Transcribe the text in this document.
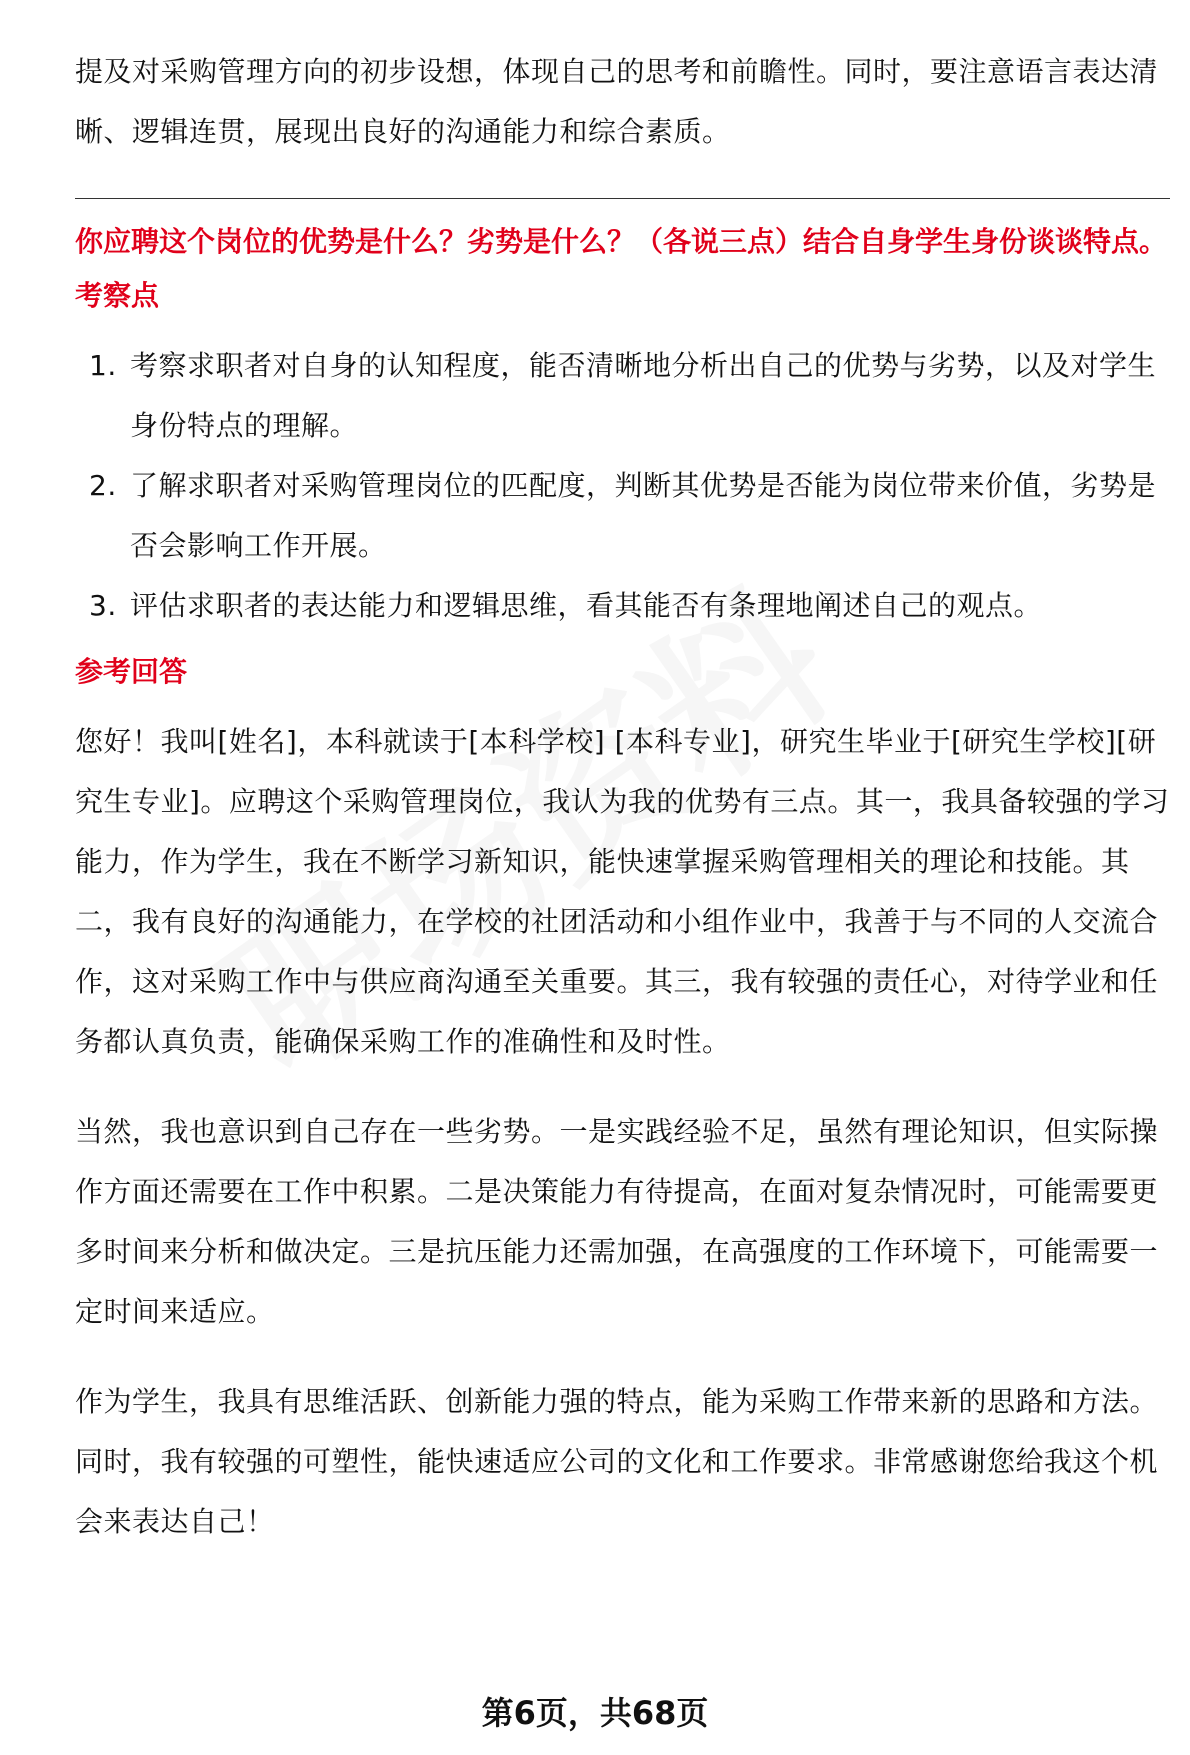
提及对采购管理方向的初步设想，体现自己的思考和前瞻性。同时，要注意语言表达清晰、逻辑连贯，展现出良好的沟通能力和综合素质。

你应聘这个岗位的优势是什么？劣势是什么？（各说三点）结合自身学生身份谈谈特点。

考察点
1. 考察求职者对自身的认知程度，能否清晰地分析出自己的优势与劣势，以及对学生身份特点的理解。
2. 了解求职者对采购管理岗位的匹配度，判断其优势是否能为岗位带来价值，劣势是否会影响工作开展。
3. 评估求职者的表达能力和逻辑思维，看其能否有条理地阐述自己的观点。
参考回答

您好！我叫[姓名]，本科就读于[本科学校] [本科专业]，研究生毕业于[研究生学校][研究生专业]。应聘这个采购管理岗位，我认为我的优势有三点。其一，我具备较强的学习能力，作为学生，我在不断学习新知识，能快速掌握采购管理相关的理论和技能。其二，我有良好的沟通能力，在学校的社团活动和小组作业中，我善于与不同的人交流合作，这对采购工作中与供应商沟通至关重要。其三，我有较强的责任心，对待学业和任务都认真负责，能确保采购工作的准确性和及时性。

当然，我也意识到自己存在一些劣势。一是实践经验不足，虽然有理论知识，但实际操作方面还需要在工作中积累。二是决策能力有待提高，在面对复杂情况时，可能需要更多时间来分析和做决定。三是抗压能力还需加强，在高强度的工作环境下，可能需要一定时间来适应。

作为学生，我具有思维活跃、创新能力强的特点，能为采购工作带来新的思路和方法。同时，我有较强的可塑性，能快速适应公司的文化和工作要求。非常感谢您给我这个机会来表达自己！

第6页，共68页
